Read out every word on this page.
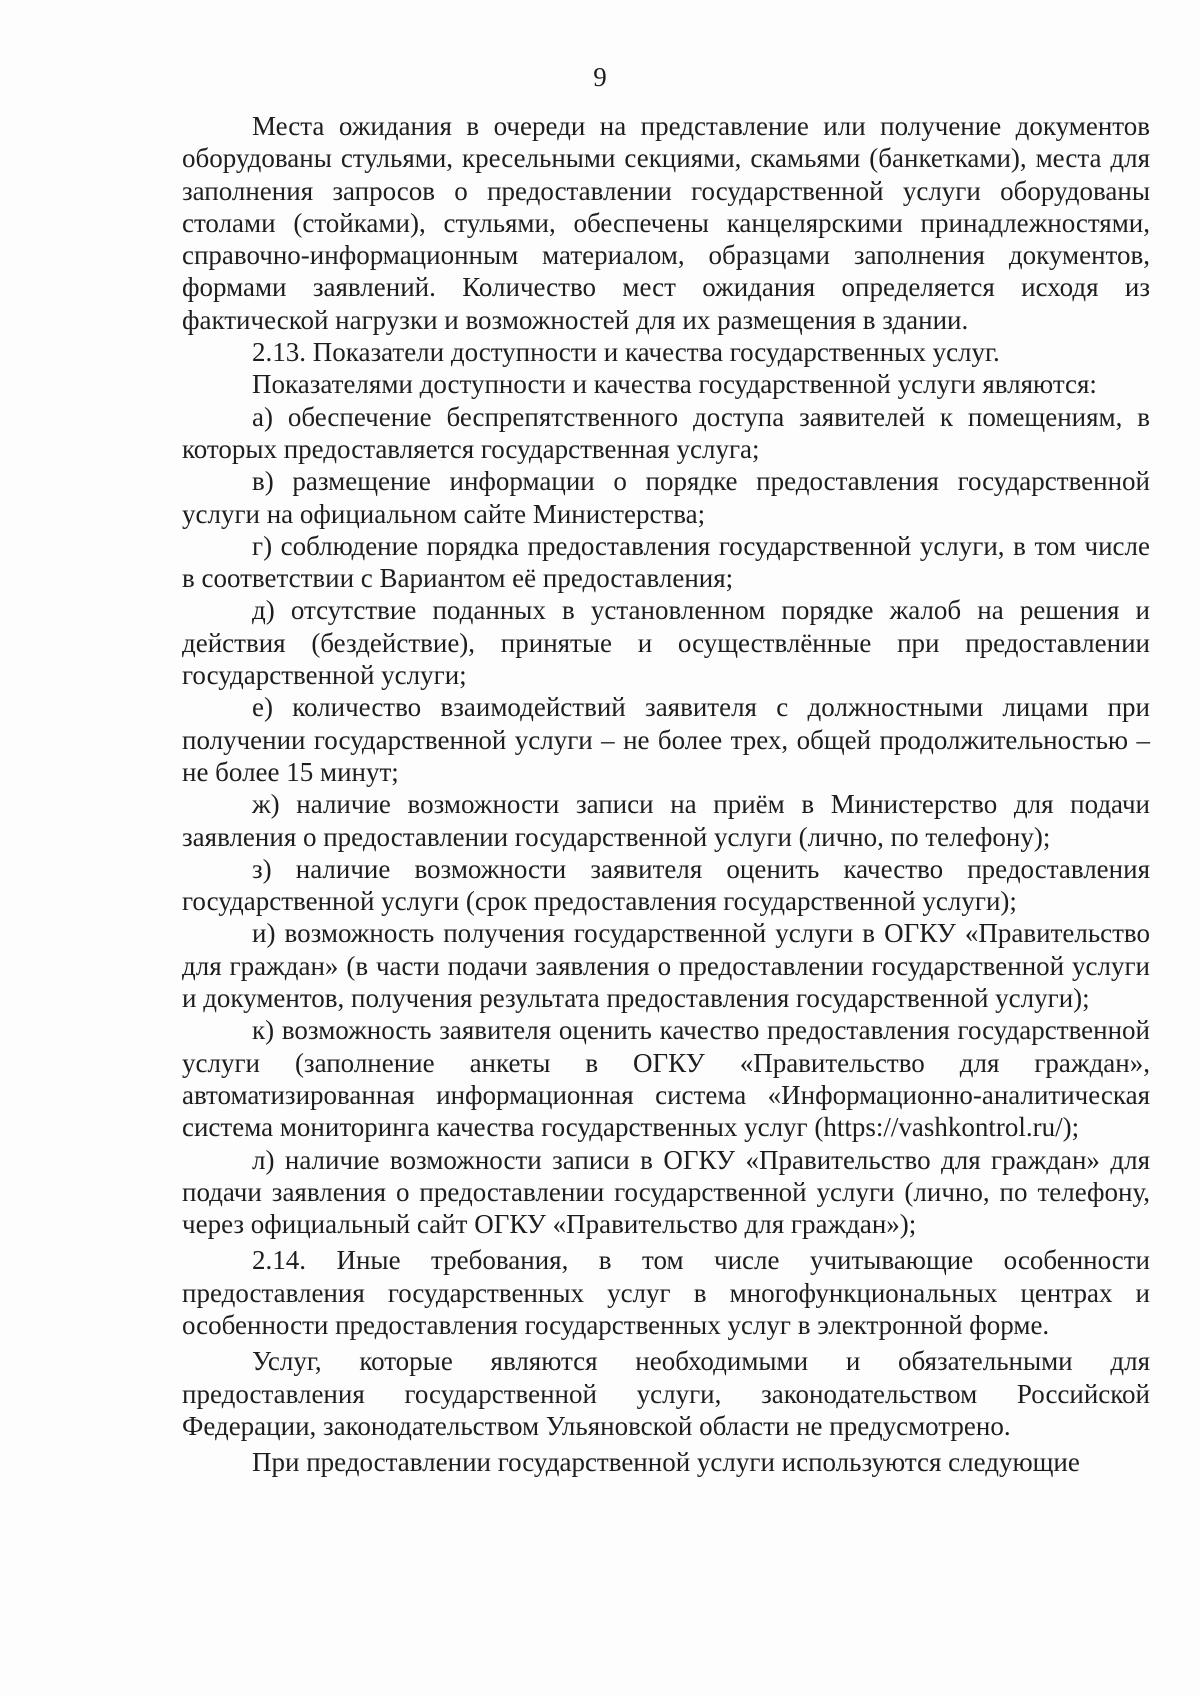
9

Места ожидания в очереди на представление или получение документов оборудованы стульями, кресельными секциями, скамьями (банкетками), места для заполнения запросов о предоставлении государственной услуги оборудованы столами (стойками), стульями, обеспечены канцелярскими принадлежностями, справочно-информационным материалом, образцами заполнения документов, формами заявлений. Количество мест ожидания определяется исходя из фактической нагрузки и возможностей для их размещения в здании.

2.13. Показатели доступности и качества государственных услуг.

Показателями доступности и качества государственной услуги являются:

а) обеспечение беспрепятственного доступа заявителей к помещениям, в которых предоставляется государственная услуга;

в) размещение информации о порядке предоставления государственной услуги на официальном сайте Министерства;

г) соблюдение порядка предоставления государственной услуги, в том числе в соответствии с Вариантом её предоставления;

д) отсутствие поданных в установленном порядке жалоб на решения и действия (бездействие), принятые и осуществлённые при предоставлении государственной услуги;

е) количество взаимодействий заявителя с должностными лицами при получении государственной услуги – не более трех, общей продолжительностью – не более 15 минут;

ж) наличие возможности записи на приём в Министерство для подачи заявления о предоставлении государственной услуги (лично, по телефону);

з) наличие возможности заявителя оценить качество предоставления государственной услуги (срок предоставления государственной услуги);

и) возможность получения государственной услуги в ОГКУ «Правительство для граждан» (в части подачи заявления о предоставлении государственной услуги и документов, получения результата предоставления государственной услуги);

к) возможность заявителя оценить качество предоставления государственной услуги (заполнение анкеты в ОГКУ «Правительство для граждан», автоматизированная информационная система «Информационно-аналитическая система мониторинга качества государственных услуг (https://vashkontrol.ru/);

л) наличие возможности записи в ОГКУ «Правительство для граждан» для подачи заявления о предоставлении государственной услуги (лично, по телефону, через официальный сайт ОГКУ «Правительство для граждан»);

2.14. Иные требования, в том числе учитывающие особенности предоставления государственных услуг в многофункциональных центрах и особенности предоставления государственных услуг в электронной форме.

Услуг, которые являются необходимыми и обязательными для предоставления государственной услуги, законодательством Российской Федерации, законодательством Ульяновской области не предусмотрено.

При предоставлении государственной услуги используются следующие
